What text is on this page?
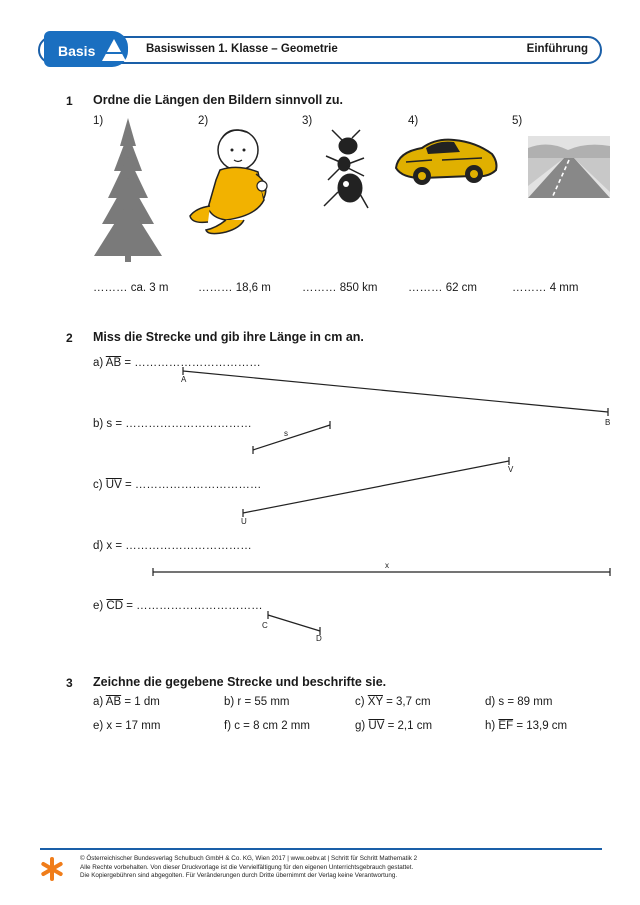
Basis	Basiswissen 1. Klasse – Geometrie	Einführung
1 Ordne die Längen den Bildern sinnvoll zu.
1)	2)	3)	4)	5)
……… ca. 3 m	……… 18,6 m	……… 850 km	……… 62 cm	……… 4 mm
2 Miss die Strecke und gib ihre Länge in cm an.
a) $\overline{AB}$ = ……………………………
b) s = ……………………………
c) $\overline{UV}$ = ……………………………
d) x = ……………………………
e) $\overline{CD}$ = ……………………………
A
B
s
U
V
x
C
D
3 Zeichne die gegebene Strecke und beschrifte sie.
a) $\overline{AB} = 1$ dm	b) r = 55 mm	c) $\overline{XY} = 3,7$ cm	d) s = 89 mm
e) x = 17 mm	f) c = 8 cm 2 mm	g) $\overline{UV} = 2,1$ cm	h) $\overline{EF} = 13,9$ cm
© Österreichischer Bundesverlag Schulbuch GmbH & Co. KG, Wien 2017 | www.oebv.at | Schritt für Schritt Mathematik 2
Alle Rechte vorbehalten. Von dieser Druckvorlage ist die Vervielfältigung für den eigenen Unterrichtsgebrauch gestattet.
Die Kopiergebühren sind abgegolten. Für Veränderungen durch Dritte übernimmt der Verlag keine Verantwortung.
